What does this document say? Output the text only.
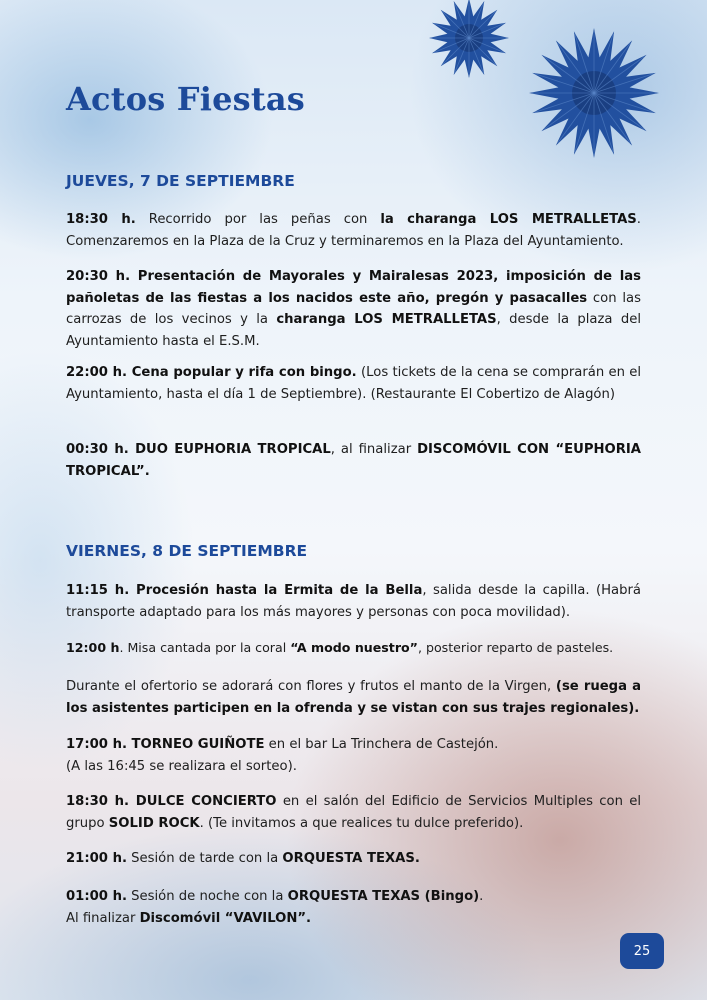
Actos Fiestas
JUEVES, 7 DE SEPTIEMBRE

18:30 h. Recorrido por las peñas con la charanga LOS METRALLETAS. Comenzaremos en la Plaza de la Cruz y terminaremos en la Plaza del Ayuntamiento.

20:30 h. Presentación de Mayorales y Mairalesas 2023, imposición de las pañoletas de las fiestas a los nacidos este año, pregón y pasacalles con las carrozas de los vecinos y la charanga LOS METRALLETAS, desde la plaza del Ayuntamiento hasta el E.S.M.

22:00 h. Cena popular y rifa con bingo. (Los tickets de la cena se comprarán en el Ayuntamiento, hasta el día 1 de Septiembre). (Restaurante El Cobertizo de Alagón)

00:30 h. DUO EUPHORIA TROPICAL, al finalizar DISCOMÓVIL CON “EUPHORIA TROPICAL”.

VIERNES, 8 DE SEPTIEMBRE

11:15 h. Procesión hasta la Ermita de la Bella, salida desde la capilla. (Habrá transporte adaptado para los más mayores y personas con poca movilidad).

12:00 h. Misa cantada por la coral “A modo nuestro”, posterior reparto de pasteles.

Durante el ofertorio se adorará con flores y frutos el manto de la Virgen, (se ruega a los asistentes participen en la ofrenda y se vistan con sus trajes regionales).

17:00 h. TORNEO GUIÑOTE en el bar La Trinchera de Castejón.
(A las 16:45 se realizara el sorteo).

18:30 h. DULCE CONCIERTO en el salón del Edificio de Servicios Multiples con el grupo SOLID ROCK. (Te invitamos a que realices tu dulce preferido).

21:00 h. Sesión de tarde con la ORQUESTA TEXAS.

01:00 h. Sesión de noche con la ORQUESTA TEXAS (Bingo).
Al finalizar Discomóvil “VAVILON”.

25
